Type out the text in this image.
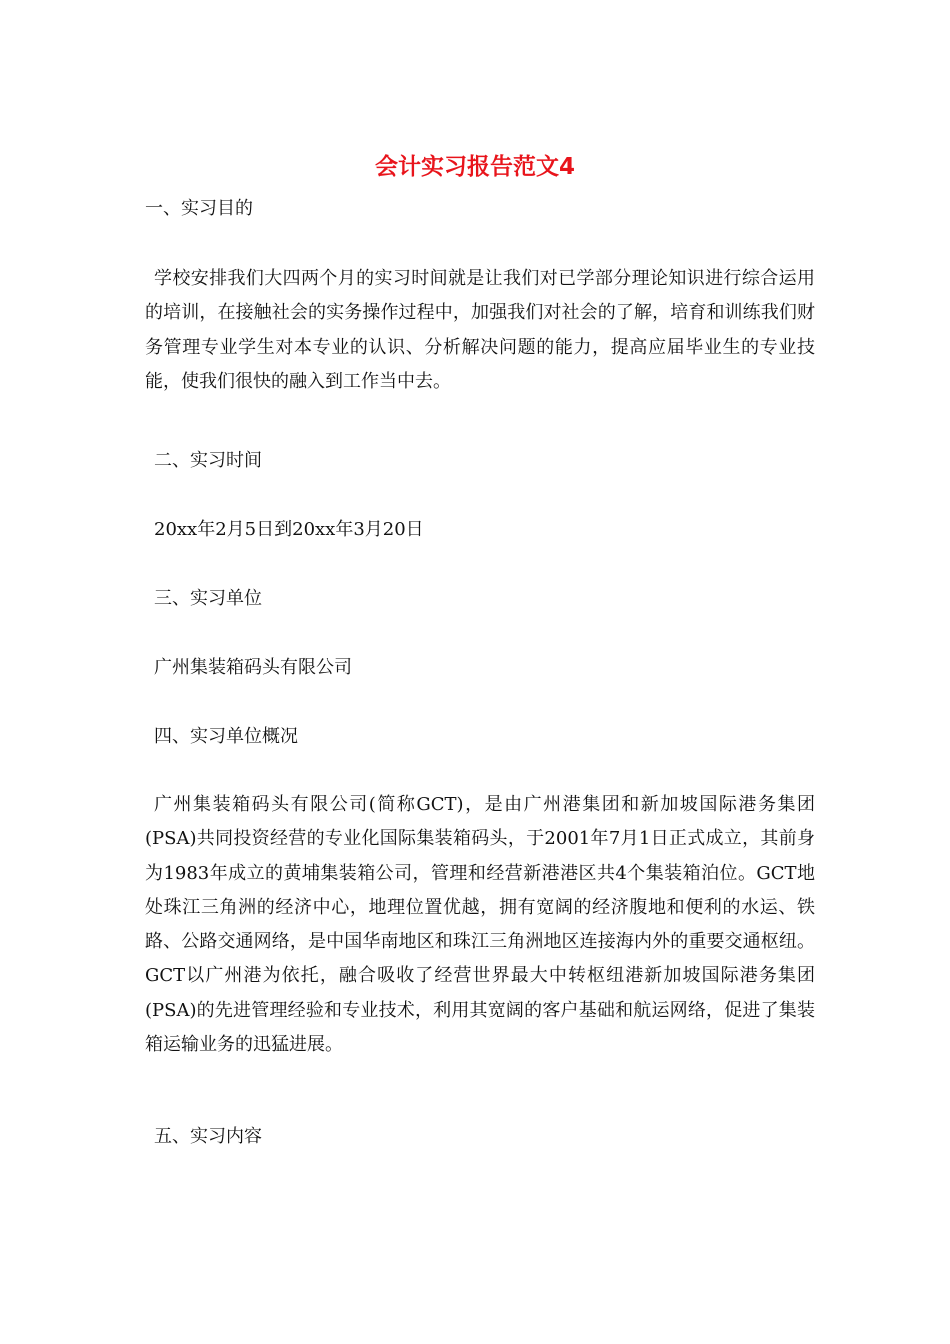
会计实习报告范文4
一、实习目的
学校安排我们大四两个月的实习时间就是让我们对已学部分理论知识进行综合运用的培训，在接触社会的实务操作过程中，加强我们对社会的了解，培育和训练我们财务管理专业学生对本专业的认识、分析解决问题的能力，提高应届毕业生的专业技能，使我们很快的融入到工作当中去。
二、实习时间
20xx年2月5日到20xx年3月20日
三、实习单位
广州集装箱码头有限公司
四、实习单位概况
广州集装箱码头有限公司(简称GCT)，是由广州港集团和新加坡国际港务集团(PSA)共同投资经营的专业化国际集装箱码头，于2001年7月1日正式成立，其前身为1983年成立的黄埔集装箱公司，管理和经营新港港区共4个集装箱泊位。GCT地处珠江三角洲的经济中心，地理位置优越，拥有宽阔的经济腹地和便利的水运、铁路、公路交通网络，是中国华南地区和珠江三角洲地区连接海内外的重要交通枢纽。GCT以广州港为依托，融合吸收了经营世界最大中转枢纽港新加坡国际港务集团(PSA)的先进管理经验和专业技术，利用其宽阔的客户基础和航运网络，促进了集装箱运输业务的迅猛进展。
五、实习内容
